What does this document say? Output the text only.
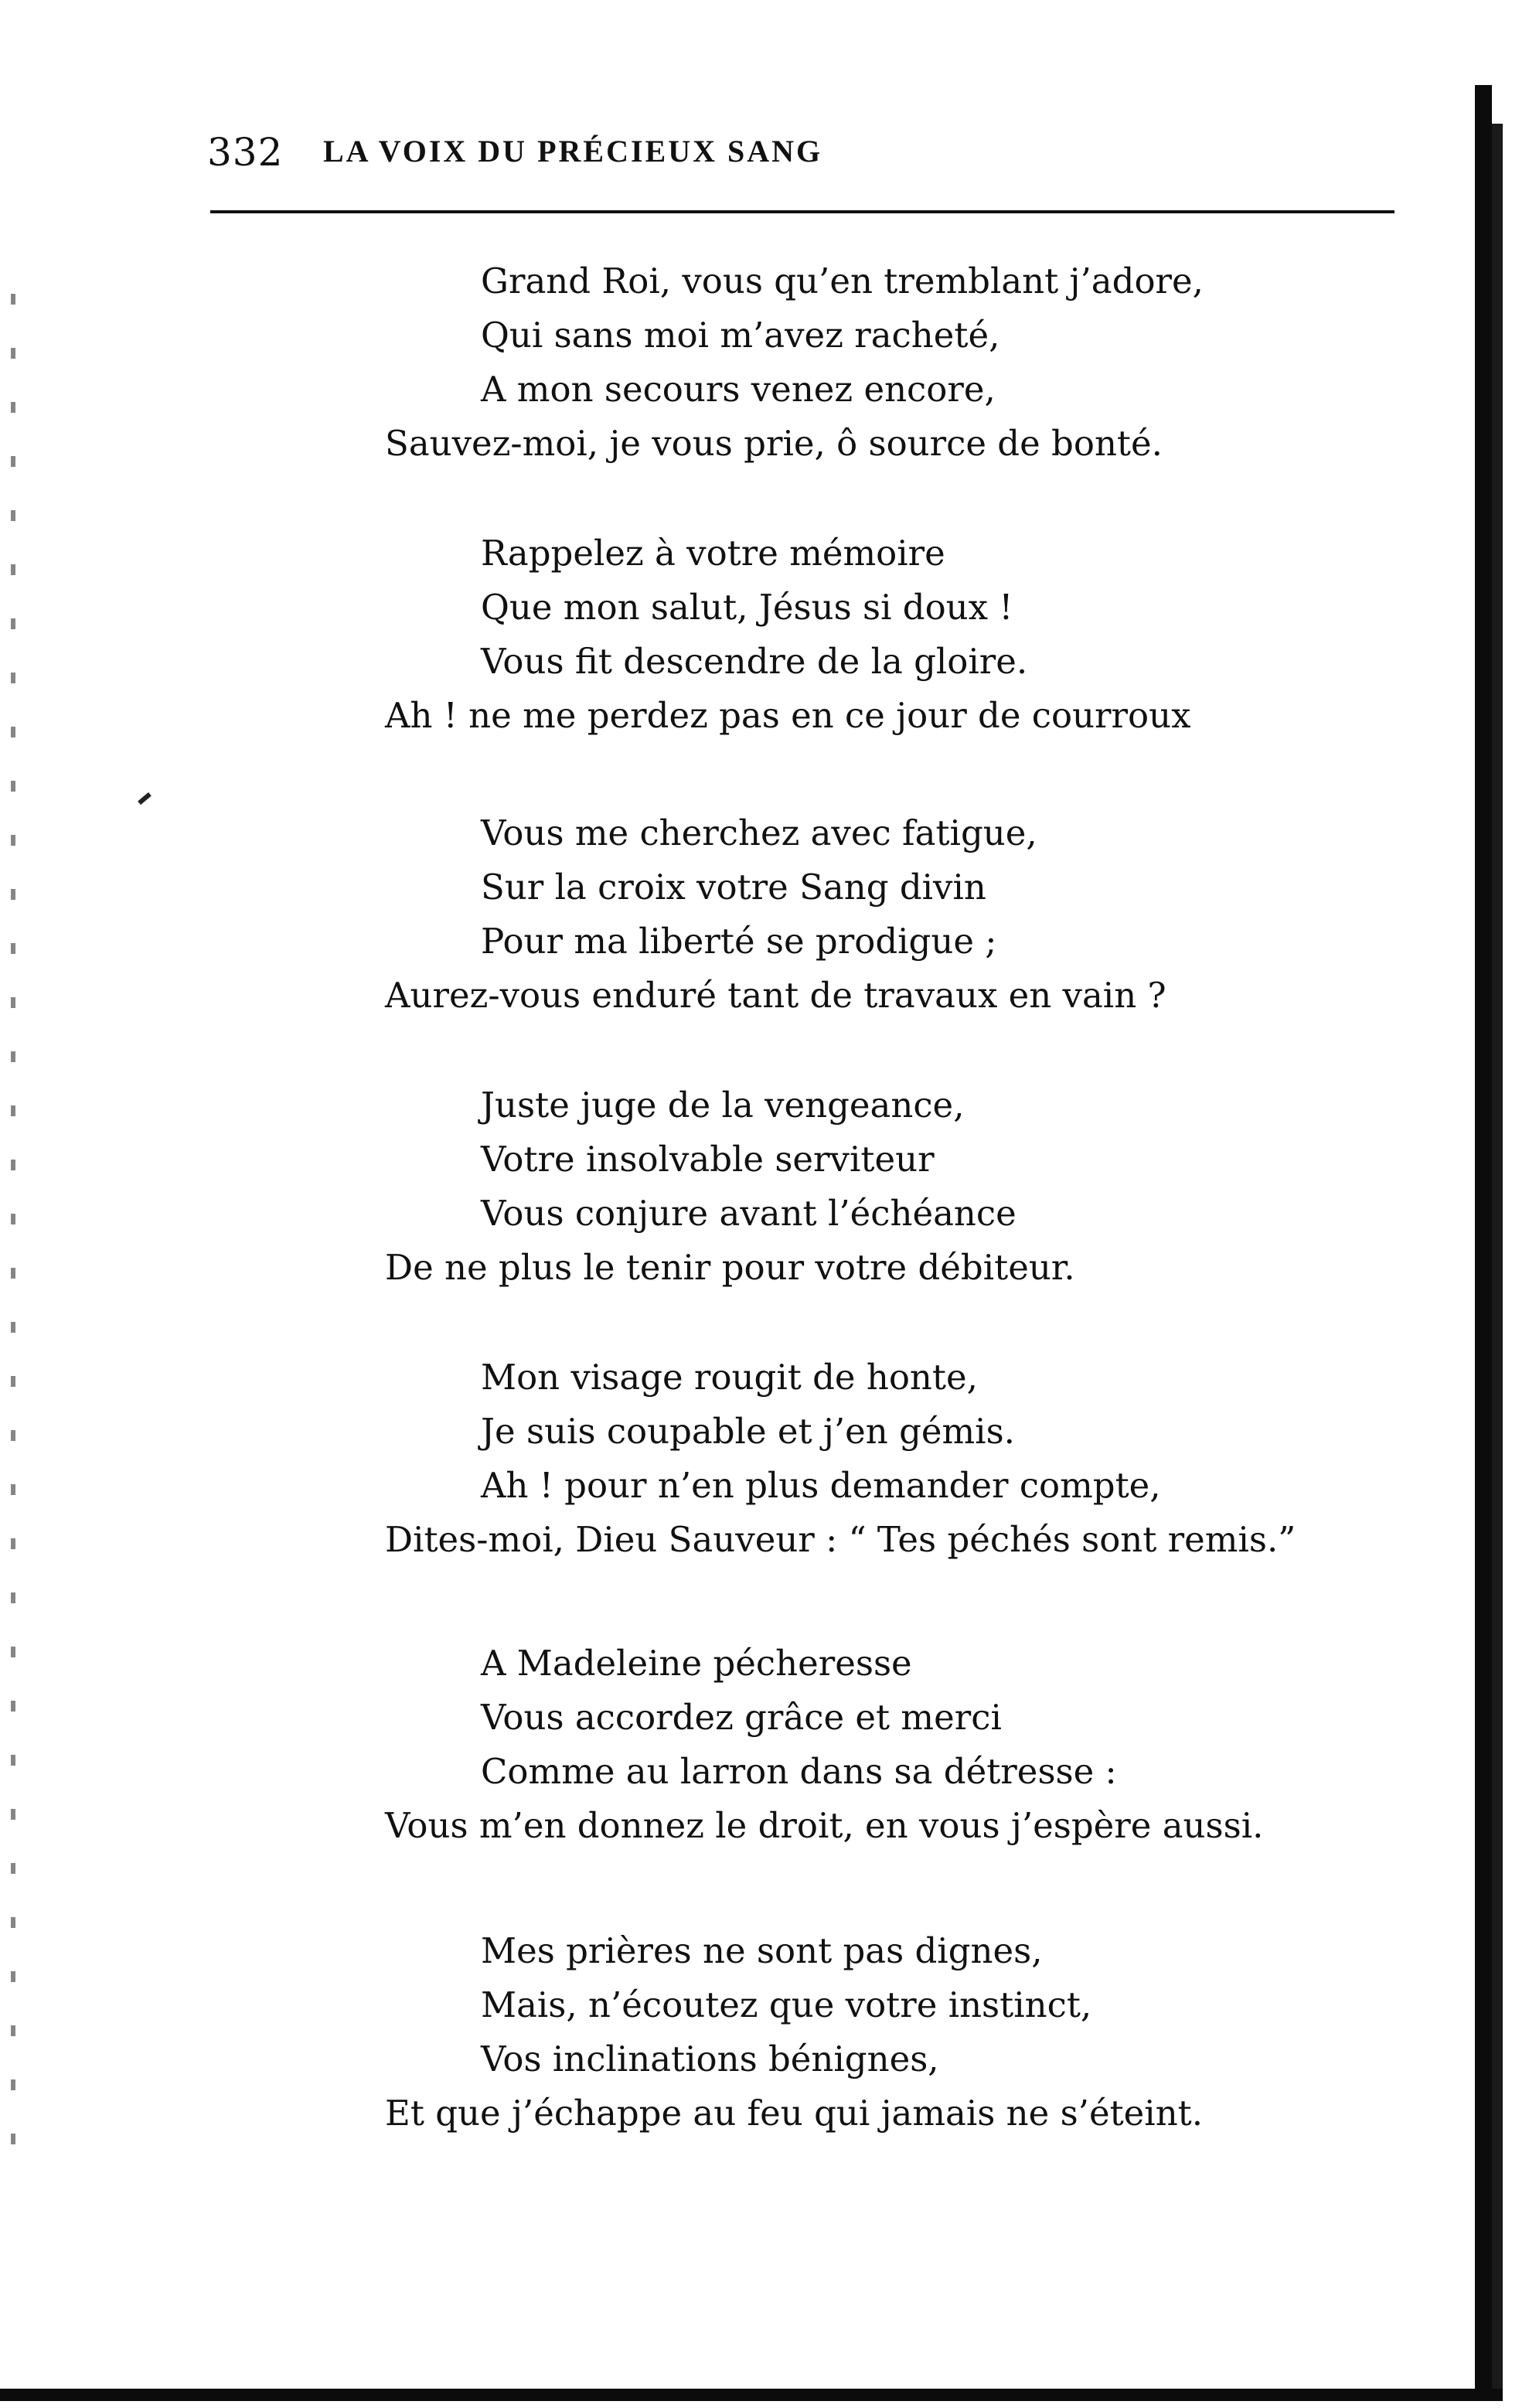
332 LA VOIX DU PRÉCIEUX SANG
Grand Roi, vous qu’en tremblant j’adore,
Qui sans moi m’avez racheté,
A mon secours venez encore,
Sauvez-moi, je vous prie, ô source de bonté.
Rappelez à votre mémoire
Que mon salut, Jésus si doux !
Vous fit descendre de la gloire.
Ah ! ne me perdez pas en ce jour de courroux
Vous me cherchez avec fatigue,
Sur la croix votre Sang divin
Pour ma liberté se prodigue ;
Aurez-vous enduré tant de travaux en vain ?
Juste juge de la vengeance,
Votre insolvable serviteur
Vous conjure avant l’échéance
De ne plus le tenir pour votre débiteur.
Mon visage rougit de honte,
Je suis coupable et j’en gémis.
Ah ! pour n’en plus demander compte,
Dites-moi, Dieu Sauveur : “ Tes péchés sont remis.”
A Madeleine pécheresse
Vous accordez grâce et merci
Comme au larron dans sa détresse :
Vous m’en donnez le droit, en vous j’espère aussi.
Mes prières ne sont pas dignes,
Mais, n’écoutez que votre instinct,
Vos inclinations bénignes,
Et que j’échappe au feu qui jamais ne s’éteint.
